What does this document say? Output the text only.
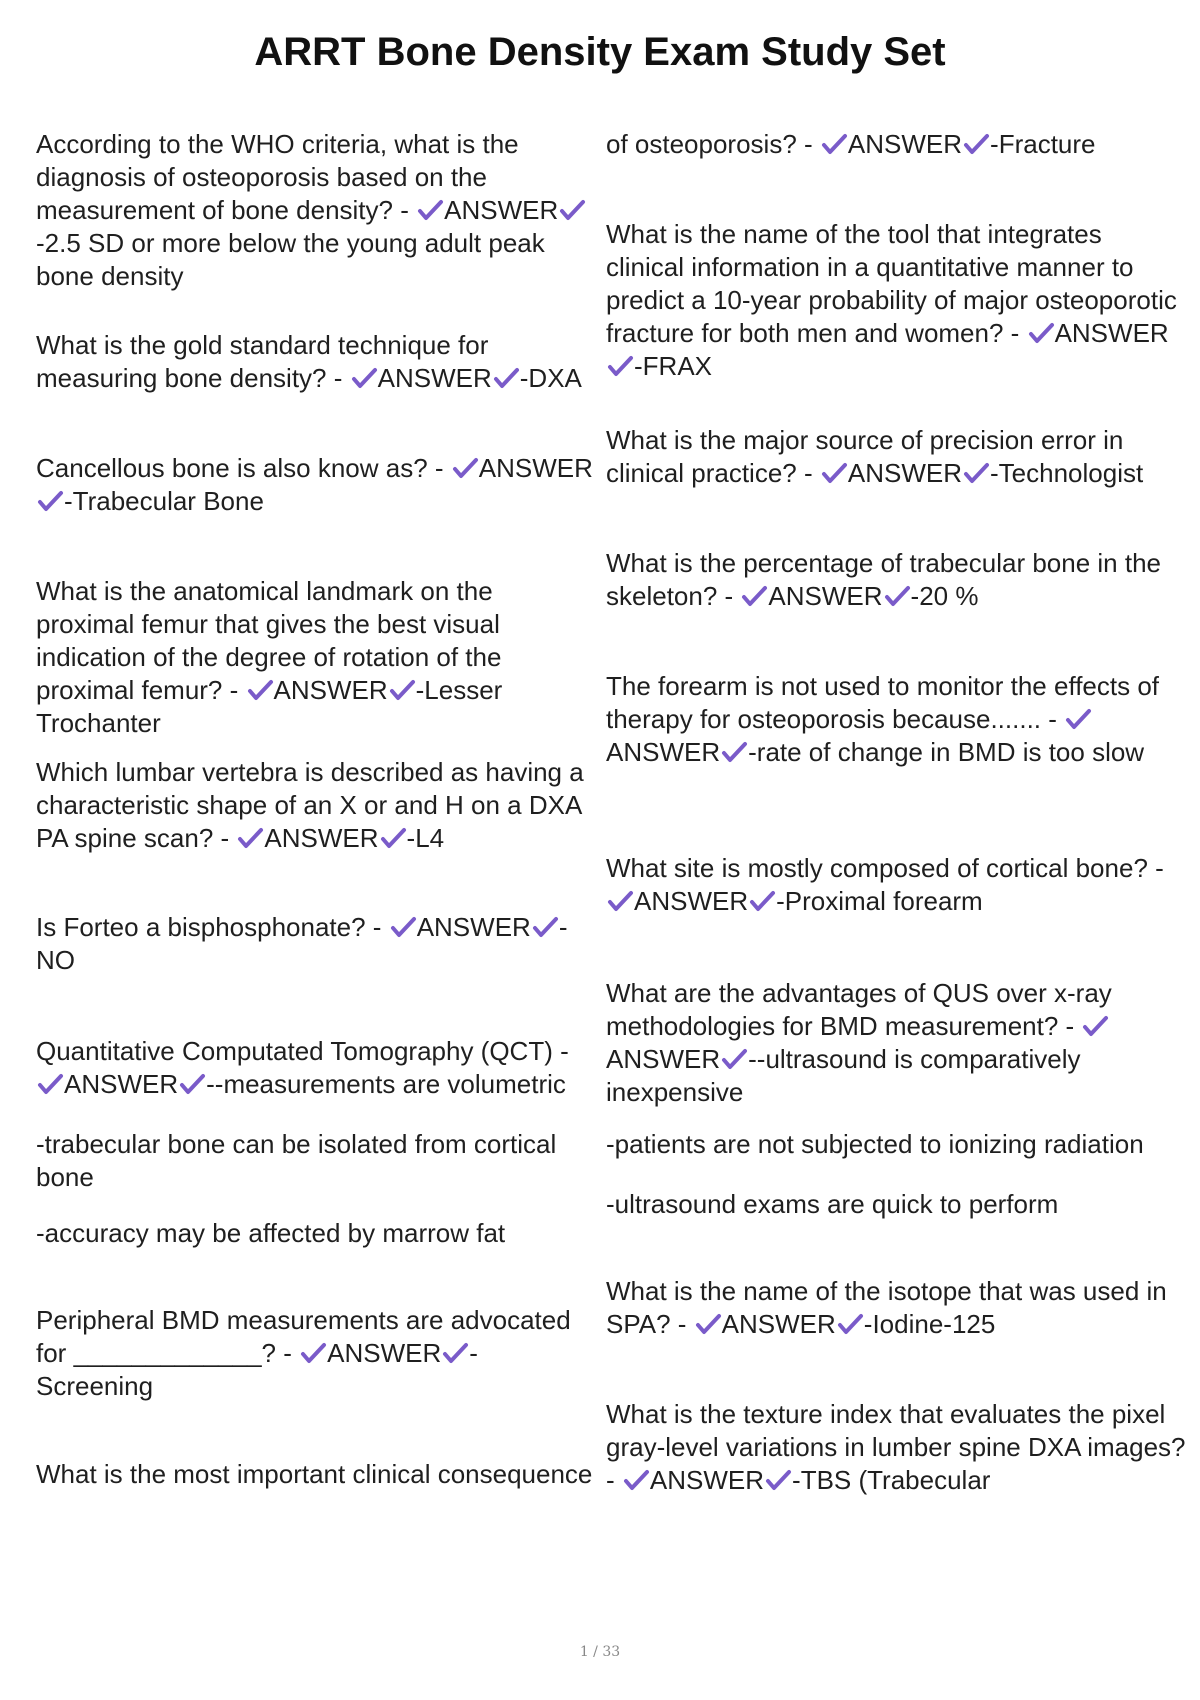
ARRT Bone Density Exam Study Set
According to the WHO criteria, what is the diagnosis of osteoporosis based on the measurement of bone density? - ANSWER-2.5 SD or more below the young adult peak bone density
What is the gold standard technique for measuring bone density? - ANSWER -DXA
Cancellous bone is also know as? - ANSWER-Trabecular Bone
What is the anatomical landmark on the proximal femur that gives the best visual indication of the degree of rotation of the proximal femur? - ANSWER -Lesser Trochanter
Which lumbar vertebra is described as having a characteristic shape of an X or and H on a DXA PA spine scan? - ANSWER -L4
Is Forteo a bisphosphonate? - ANSWER - NO
Quantitative Computated Tomography (QCT) - ANSWER --measurements are volumetric
-trabecular bone can be isolated from cortical bone
-accuracy may be affected by marrow fat
Peripheral BMD measurements are advocated for _____________? - ANSWER - Screening
What is the most important clinical consequence
of osteoporosis? - ANSWER -Fracture
What is the name of the tool that integrates clinical information in a quantitative manner to predict a 10-year probability of major osteoporotic fracture for both men and women? - ANSWER-FRAX
What is the major source of precision error in clinical practice? - ANSWER -Technologist
What is the percentage of trabecular bone in the skeleton? - ANSWER -20 %
The forearm is not used to monitor the effects of therapy for osteoporosis because....... - ANSWER -rate of change in BMD is too slow
What site is mostly composed of cortical bone? - ANSWER -Proximal forearm
What are the advantages of QUS over x-ray methodologies for BMD measurement? - ANSWER --ultrasound is comparatively inexpensive
-patients are not subjected to ionizing radiation
-ultrasound exams are quick to perform
What is the name of the isotope that was used in SPA? - ANSWER -Iodine-125
What is the texture index that evaluates the pixel gray-level variations in lumber spine DXA images? - ANSWER -TBS (Trabecular
1 / 33
